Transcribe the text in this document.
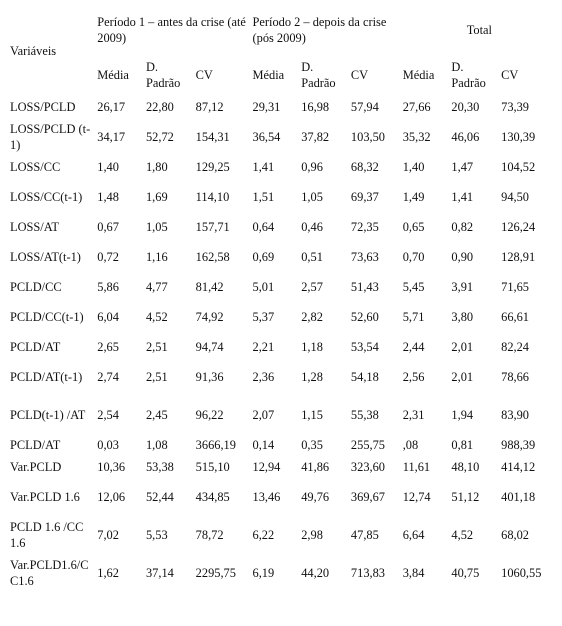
Variáveis	Período 1 – antes da crise (até 2009)			Período 2 – depois da crise (pós 2009)			Total		
	Média	D. Padrão	CV	Média	D. Padrão	CV	Média	D. Padrão	CV
LOSS/PCLD	26,17	22,80	87,12	29,31	16,98	57,94	27,66	20,30	73,39
LOSS/PCLD (t-1)	34,17	52,72	154,31	36,54	37,82	103,50	35,32	46,06	130,39
LOSS/CC	1,40	1,80	129,25	1,41	0,96	68,32	1,40	1,47	104,52
LOSS/CC(t-1)	1,48	1,69	114,10	1,51	1,05	69,37	1,49	1,41	94,50
LOSS/AT	0,67	1,05	157,71	0,64	0,46	72,35	0,65	0,82	126,24
LOSS/AT(t-1)	0,72	1,16	162,58	0,69	0,51	73,63	0,70	0,90	128,91
PCLD/CC	5,86	4,77	81,42	5,01	2,57	51,43	5,45	3,91	71,65
PCLD/CC(t-1)	6,04	4,52	74,92	5,37	2,82	52,60	5,71	3,80	66,61
PCLD/AT	2,65	2,51	94,74	2,21	1,18	53,54	2,44	2,01	82,24
PCLD/AT(t-1)	2,74	2,51	91,36	2,36	1,28	54,18	2,56	2,01	78,66
PCLD(t-1) /AT	2,54	2,45	96,22	2,07	1,15	55,38	2,31	1,94	83,90
PCLD/AT	0,03	1,08	3666,19	0,14	0,35	255,75	,08	0,81	988,39
Var.PCLD	10,36	53,38	515,10	12,94	41,86	323,60	11,61	48,10	414,12
Var.PCLD 1.6	12,06	52,44	434,85	13,46	49,76	369,67	12,74	51,12	401,18
PCLD 1.6 /CC 1.6	7,02	5,53	78,72	6,22	2,98	47,85	6,64	4,52	68,02
Var.PCLD1.6/CC1.6	1,62	37,14	2295,75	6,19	44,20	713,83	3,84	40,75	1060,55
